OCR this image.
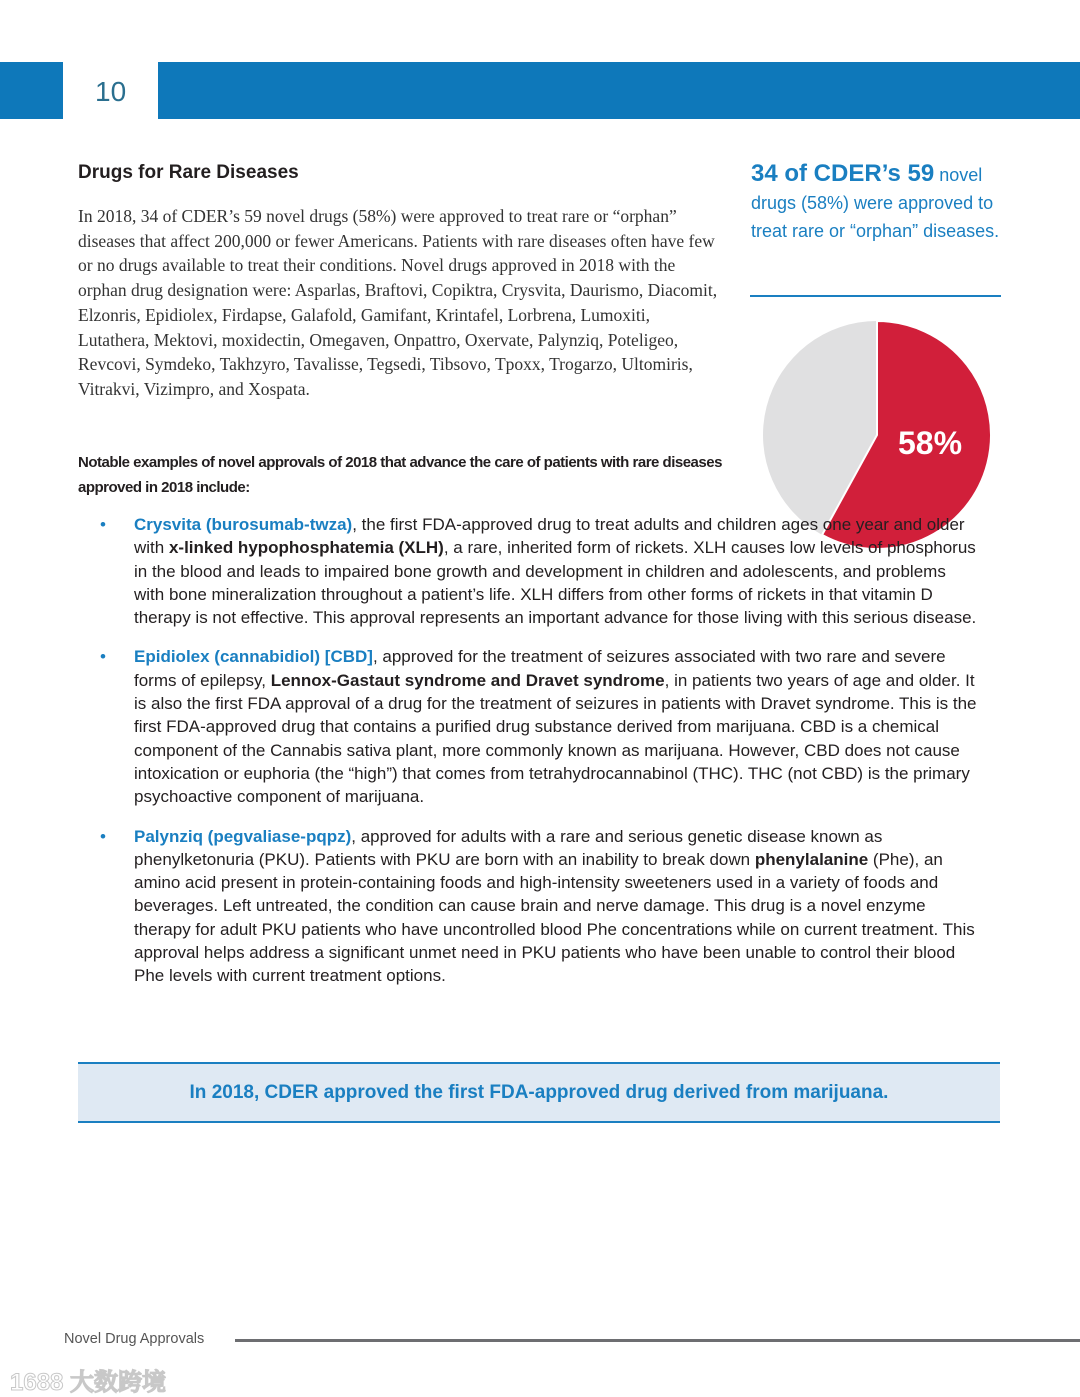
10
Drugs for Rare Diseases
In 2018, 34 of CDER’s 59 novel drugs (58%) were approved to treat rare or “orphan” diseases that affect 200,000 or fewer Americans. Patients with rare diseases often have few or no drugs available to treat their conditions. Novel drugs approved in 2018 with the orphan drug designation were: Asparlas, Braftovi, Copiktra, Crysvita, Daurismo, Diacomit, Elzonris, Epidiolex, Firdapse, Galafold, Gamifant, Krintafel, Lorbrena, Lumoxiti, Lutathera, Mektovi, moxidectin, Omegaven, Onpattro, Oxervate, Palynziq, Poteligeo, Revcovi, Symdeko, Takhzyro, Tavalisse, Tegsedi, Tibsovo, Tpoxx, Trogarzo, Ultomiris, Vitrakvi, Vizimpro, and Xospata.
Notable examples of novel approvals of 2018 that advance the care of patients with rare diseases approved in 2018 include:
34 of CDER’s 59 novel drugs (58%) were approved to treat rare or “orphan” diseases.
58%
• Crysvita (burosumab-twza), the first FDA-approved drug to treat adults and children ages one year and older with x-linked hypophosphatemia (XLH), a rare, inherited form of rickets. XLH causes low levels of phosphorus in the blood and leads to impaired bone growth and development in children and adolescents, and problems with bone mineralization throughout a patient’s life. XLH differs from other forms of rickets in that vitamin D therapy is not effective. This approval represents an important advance for those living with this serious disease.
• Epidiolex (cannabidiol) [CBD], approved for the treatment of seizures associated with two rare and severe forms of epilepsy, Lennox-Gastaut syndrome and Dravet syndrome, in patients two years of age and older. It is also the first FDA approval of a drug for the treatment of seizures in patients with Dravet syndrome. This is the first FDA-approved drug that contains a purified drug substance derived from marijuana. CBD is a chemical component of the Cannabis sativa plant, more commonly known as marijuana. However, CBD does not cause intoxication or euphoria (the “high”) that comes from tetrahydrocannabinol (THC). THC (not CBD) is the primary psychoactive component of marijuana.
• Palynziq (pegvaliase-pqpz), approved for adults with a rare and serious genetic disease known as phenylketonuria (PKU). Patients with PKU are born with an inability to break down phenylalanine (Phe), an amino acid present in protein-containing foods and high-intensity sweeteners used in a variety of foods and beverages. Left untreated, the condition can cause brain and nerve damage. This drug is a novel enzyme therapy for adult PKU patients who have uncontrolled blood Phe concentrations while on current treatment. This approval helps address a significant unmet need in PKU patients who have been unable to control their blood Phe levels with current treatment options.
In 2018, CDER approved the first FDA-approved drug derived from marijuana.
Novel Drug Approvals
1688 大数跨境
